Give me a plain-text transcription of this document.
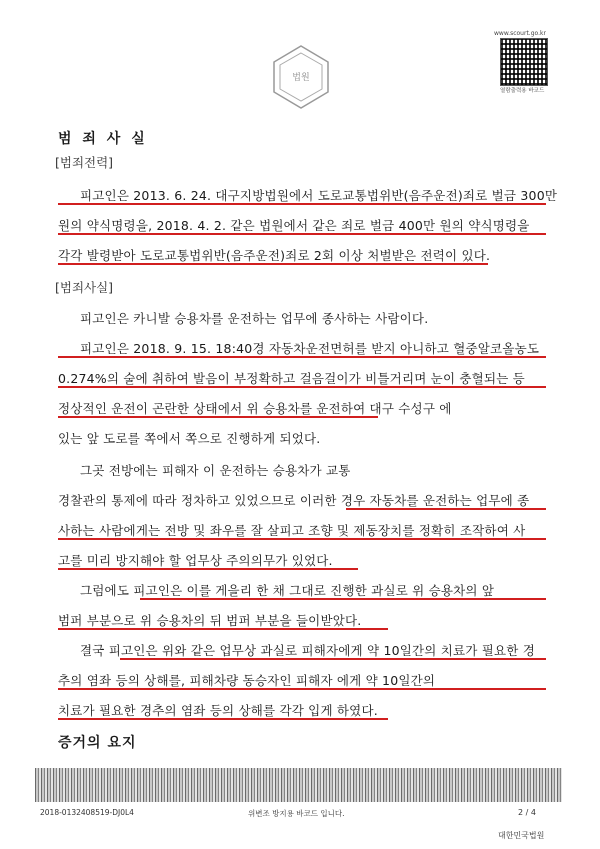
법원
www.scourt.go.kr
열람출력용 바코드
범 죄 사 실
[범죄전력]
피고인은 2013. 6. 24. 대구지방법원에서 도로교통법위반(음주운전)죄로 벌금 300만
원의 약식명령을, 2018. 4. 2. 같은 법원에서 같은 죄로 벌금 400만 원의 약식명령을
각각 발령받아 도로교통법위반(음주운전)죄로 2회 이상 처벌받은 전력이 있다.
[범죄사실]
피고인은 카니발 승용차를 운전하는 업무에 종사하는 사람이다.
피고인은 2018. 9. 15. 18:40경 자동차운전면허를 받지 아니하고 혈중알코올농도
0.274%의 술에 취하여 발음이 부정확하고 걸음걸이가 비틀거리며 눈이 충혈되는 등
정상적인 운전이 곤란한 상태에서 위 승용차를 운전하여 대구 수성구 에
있는 앞 도로를 쪽에서 쪽으로 진행하게 되었다.
그곳 전방에는 피해자 이 운전하는 승용차가 교통
경찰관의 통제에 따라 정차하고 있었으므로 이러한 경우 자동차를 운전하는 업무에 종
사하는 사람에게는 전방 및 좌우를 잘 살피고 조향 및 제동장치를 정확히 조작하여 사
고를 미리 방지해야 할 업무상 주의의무가 있었다.
그럼에도 피고인은 이를 게을리 한 채 그대로 진행한 과실로 위 승용차의 앞
범퍼 부분으로 위 승용차의 뒤 범퍼 부분을 들이받았다.
결국 피고인은 위와 같은 업무상 과실로 피해자에게 약 10일간의 치료가 필요한 경
추의 염좌 등의 상해를, 피해차량 동승자인 피해자 에게 약 10일간의
치료가 필요한 경추의 염좌 등의 상해를 각각 입게 하였다.
증거의 요지
2018-0132408519-DJ0L4	위변조 방지용 바코드 입니다.	2 / 4
대한민국법원
